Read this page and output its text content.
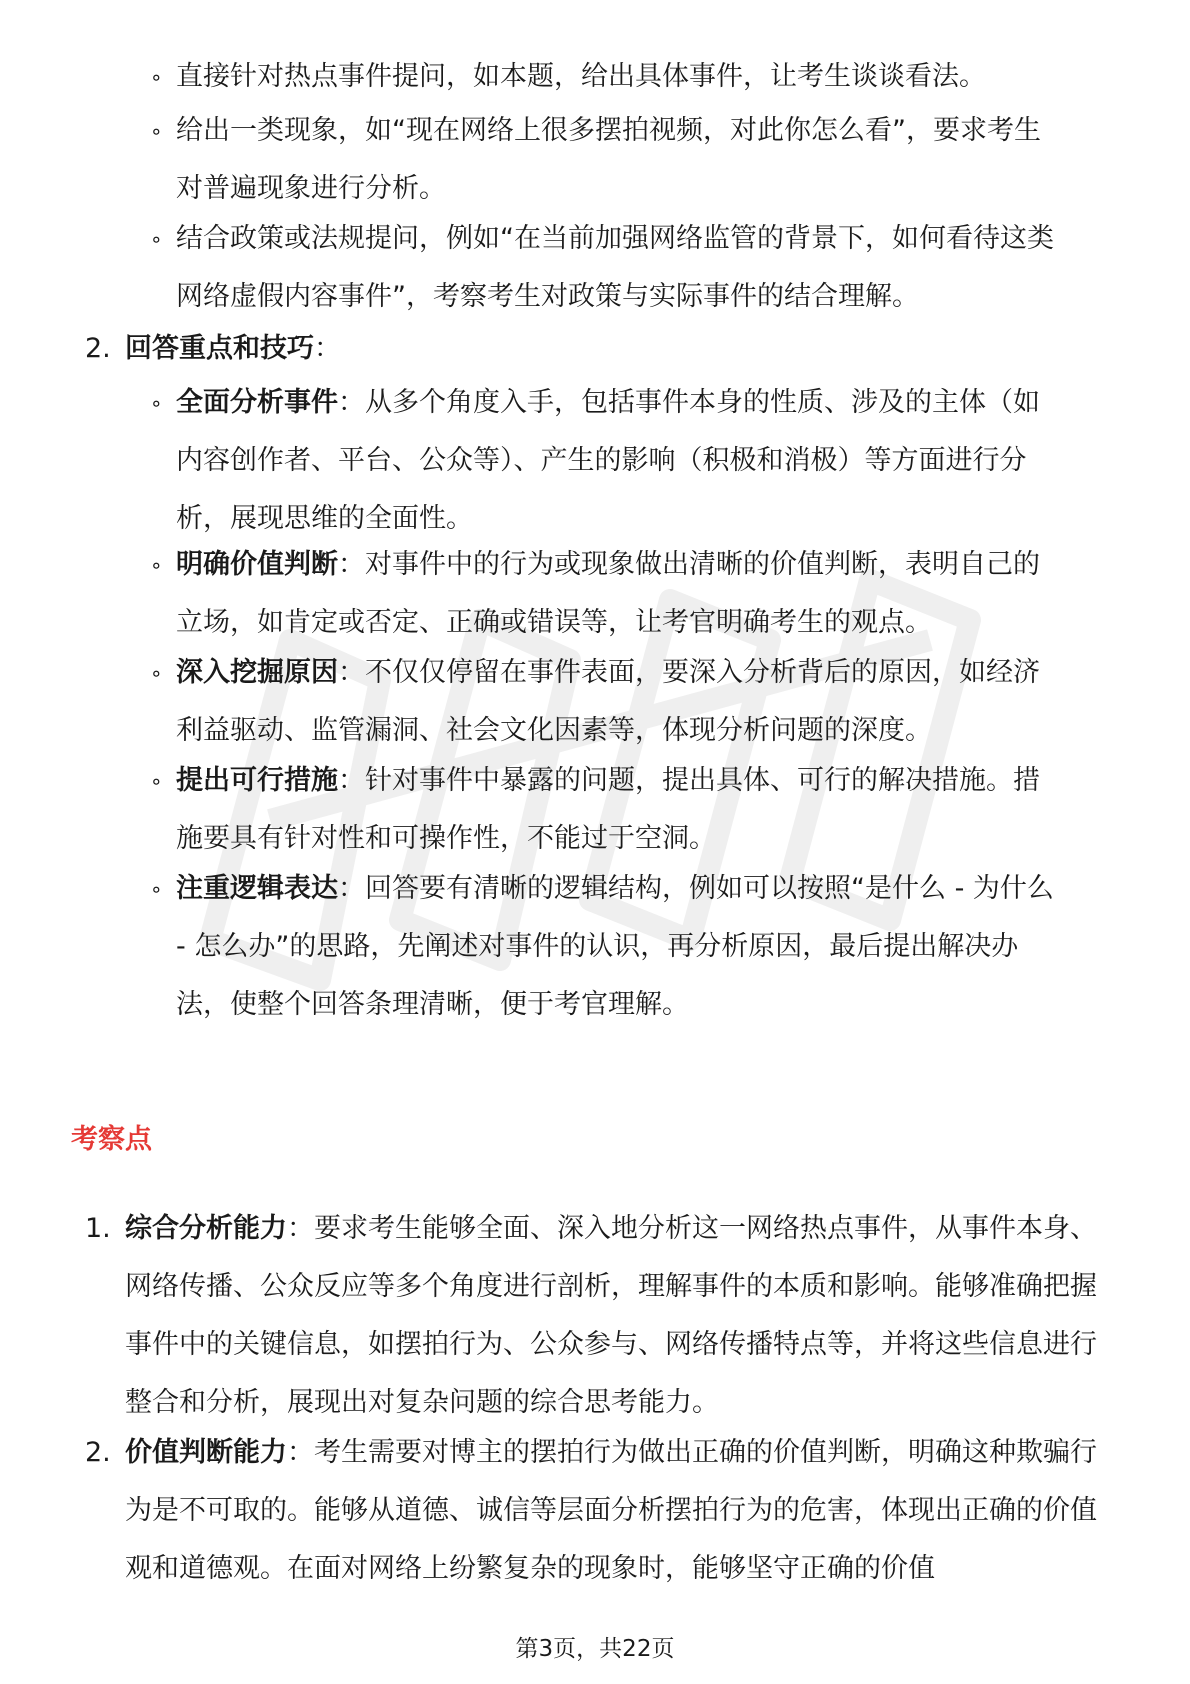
∘ 直接针对热点事件提问，如本题，给出具体事件，让考生谈谈看法。
∘ 给出一类现象，如“现在网络上很多摆拍视频，对此你怎么看”，要求考生对普遍现象进行分析。
∘ 结合政策或法规提问，例如“在当前加强网络监管的背景下，如何看待这类网络虚假内容事件”，考察考生对政策与实际事件的结合理解。
2. 回答重点和技巧：
∘ 全面分析事件：从多个角度入手，包括事件本身的性质、涉及的主体（如内容创作者、平台、公众等）、产生的影响（积极和消极）等方面进行分析，展现思维的全面性。
∘ 明确价值判断：对事件中的行为或现象做出清晰的价值判断，表明自己的立场，如肯定或否定、正确或错误等，让考官明确考生的观点。
∘ 深入挖掘原因：不仅仅停留在事件表面，要深入分析背后的原因，如经济利益驱动、监管漏洞、社会文化因素等，体现分析问题的深度。
∘ 提出可行措施：针对事件中暴露的问题，提出具体、可行的解决措施。措施要具有针对性和可操作性，不能过于空洞。
∘ 注重逻辑表达：回答要有清晰的逻辑结构，例如可以按照“是什么 - 为什么 - 怎么办”的思路，先阐述对事件的认识，再分析原因，最后提出解决办法，使整个回答条理清晰，便于考官理解。
考察点
1. 综合分析能力：要求考生能够全面、深入地分析这一网络热点事件，从事件本身、网络传播、公众反应等多个角度进行剖析，理解事件的本质和影响。能够准确把握事件中的关键信息，如摆拍行为、公众参与、网络传播特点等，并将这些信息进行整合和分析，展现出对复杂问题的综合思考能力。
2. 价值判断能力：考生需要对博主的摆拍行为做出正确的价值判断，明确这种欺骗行为是不可取的。能够从道德、诚信等层面分析摆拍行为的危害，体现出正确的价值观和道德观。在面对网络上纷繁复杂的现象时，能够坚守正确的价值
第3页，共22页
